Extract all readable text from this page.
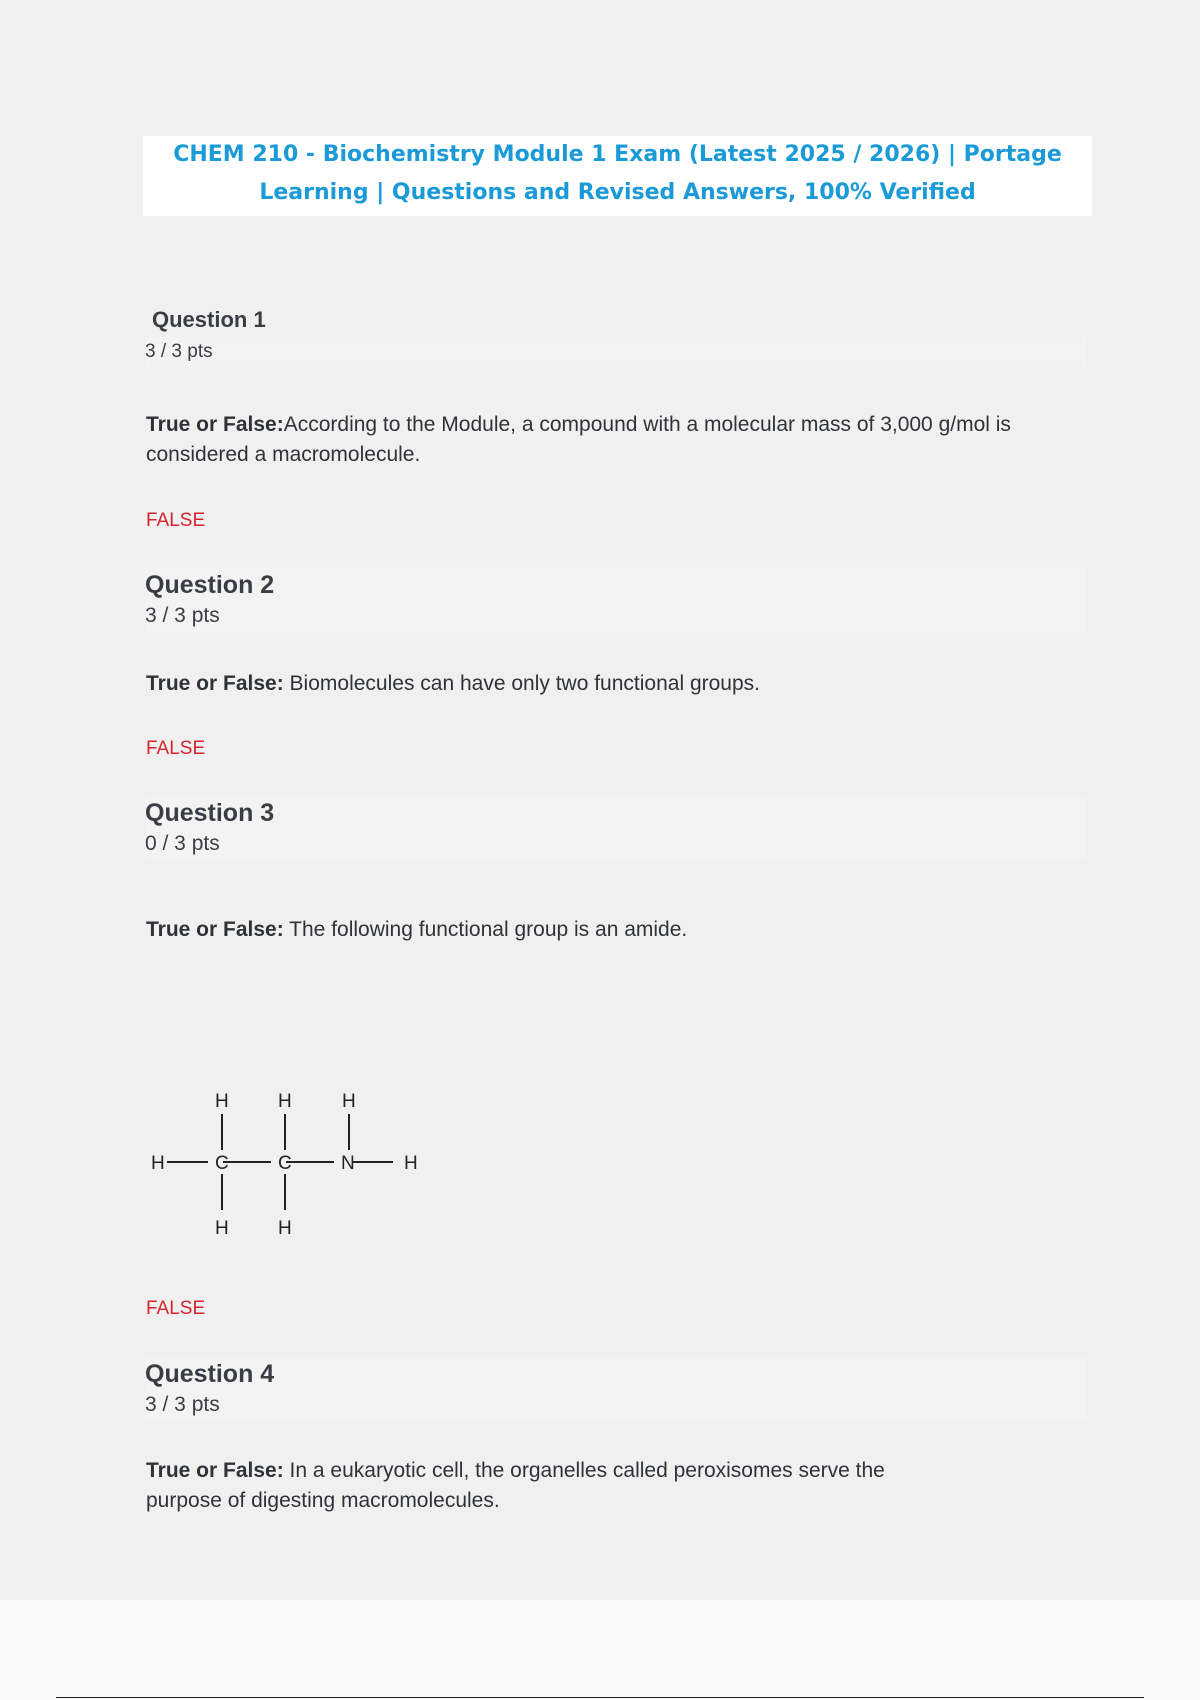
CHEM 210 - Biochemistry Module 1 Exam (Latest 2025 / 2026) | Portage
Learning | Questions and Revised Answers, 100% Verified
Question 1
3 / 3 pts
True or False:According to the Module, a compound with a molecular mass of 3,000 g/mol is considered a macromolecule.
FALSE
Question 2
3 / 3 pts
True or False: Biomolecules can have only two functional groups.
FALSE
Question 3
0 / 3 pts
True or False: The following functional group is an amide.
H	C	C	N	H
H	H	H
H	H
FALSE
Question 4
3 / 3 pts
True or False: In a eukaryotic cell, the organelles called peroxisomes serve the purpose of digesting macromolecules.
